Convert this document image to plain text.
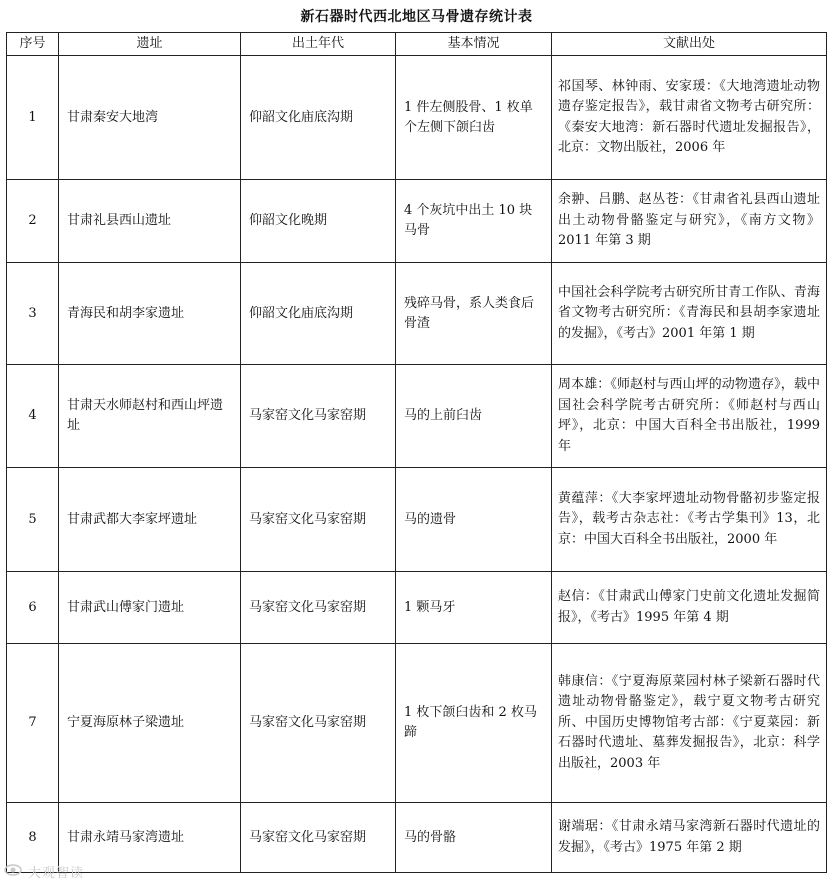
新石器时代西北地区马骨遗存统计表
序号	遗址	出土年代	基本情况	文献出处
1	甘肃秦安大地湾	仰韶文化庙底沟期	1 件左侧股骨、1 枚单个左侧下颌臼齿	祁国琴、林钟雨、安家瑗：《大地湾遗址动物遗存鉴定报告》，载甘肃省文物考古研究所：《秦安大地湾：新石器时代遗址发掘报告》，北京：文物出版社，2006 年
2	甘肃礼县西山遗址	仰韶文化晚期	4 个灰坑中出土 10 块马骨	余翀、吕鹏、赵丛苍：《甘肃省礼县西山遗址出土动物骨骼鉴定与研究》，《南方文物》2011 年第 3 期
3	青海民和胡李家遗址	仰韶文化庙底沟期	残碎马骨，系人类食后骨渣	中国社会科学院考古研究所甘青工作队、青海省文物考古研究所：《青海民和县胡李家遗址的发掘》，《考古》2001 年第 1 期
4	甘肃天水师赵村和西山坪遗址	马家窑文化马家窑期	马的上前臼齿	周本雄：《师赵村与西山坪的动物遗存》，载中国社会科学院考古研究所：《师赵村与西山坪》，北京：中国大百科全书出版社，1999 年
5	甘肃武都大李家坪遗址	马家窑文化马家窑期	马的遗骨	黄蕴萍：《大李家坪遗址动物骨骼初步鉴定报告》，载考古杂志社：《考古学集刊》13，北京：中国大百科全书出版社，2000 年
6	甘肃武山傅家门遗址	马家窑文化马家窑期	1 颗马牙	赵信：《甘肃武山傅家门史前文化遗址发掘简报》，《考古》1995 年第 4 期
7	宁夏海原林子梁遗址	马家窑文化马家窑期	1 枚下颌臼齿和 2 枚马蹄	韩康信：《宁夏海原菜园村林子梁新石器时代遗址动物骨骼鉴定》，载宁夏文物考古研究所、中国历史博物馆考古部：《宁夏菜园：新石器时代遗址、墓葬发掘报告》，北京：科学出版社，2003 年
8	甘肃永靖马家湾遗址	马家窑文化马家窑期	马的骨骼	谢端琚：《甘肃永靖马家湾新石器时代遗址的发掘》，《考古》1975 年第 2 期
大观智读
